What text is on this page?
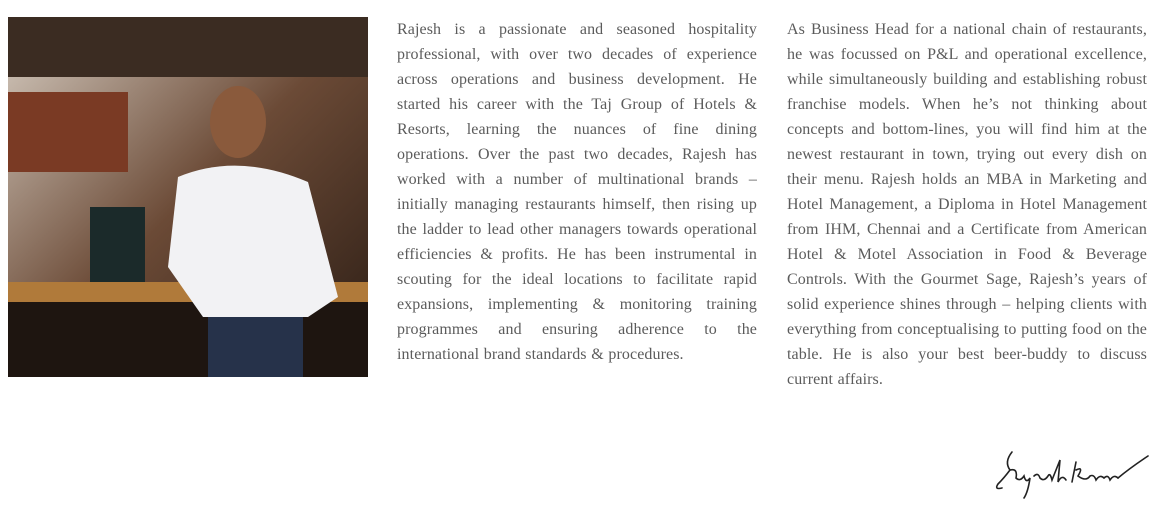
Rajesh is a passionate and seasoned hospitality professional, with over two decades of experience across operations and business development. He started his career with the Taj Group of Hotels & Resorts, learning the nuances of fine dining operations. Over the past two decades, Rajesh has worked with a number of multinational brands – initially managing restaurants himself, then rising up the ladder to lead other managers towards operational efficiencies & profits. He has been instrumental in scouting for the ideal locations to facilitate rapid expansions, implementing & monitoring training programmes and ensuring adherence to the international brand standards & procedures.
As Business Head for a national chain of restaurants, he was focussed on P&L and operational excellence, while simultaneously building and establishing robust franchise models. When he’s not thinking about concepts and bottom-lines, you will find him at the newest restaurant in town, trying out every dish on their menu. Rajesh holds an MBA in Marketing and Hotel Management, a Diploma in Hotel Management from IHM, Chennai and a Certificate from American Hotel & Motel Association in Food & Beverage Controls. With the Gourmet Sage, Rajesh’s years of solid experience shines through – helping clients with everything from conceptualising to putting food on the table. He is also your best beer-buddy to discuss current affairs.
